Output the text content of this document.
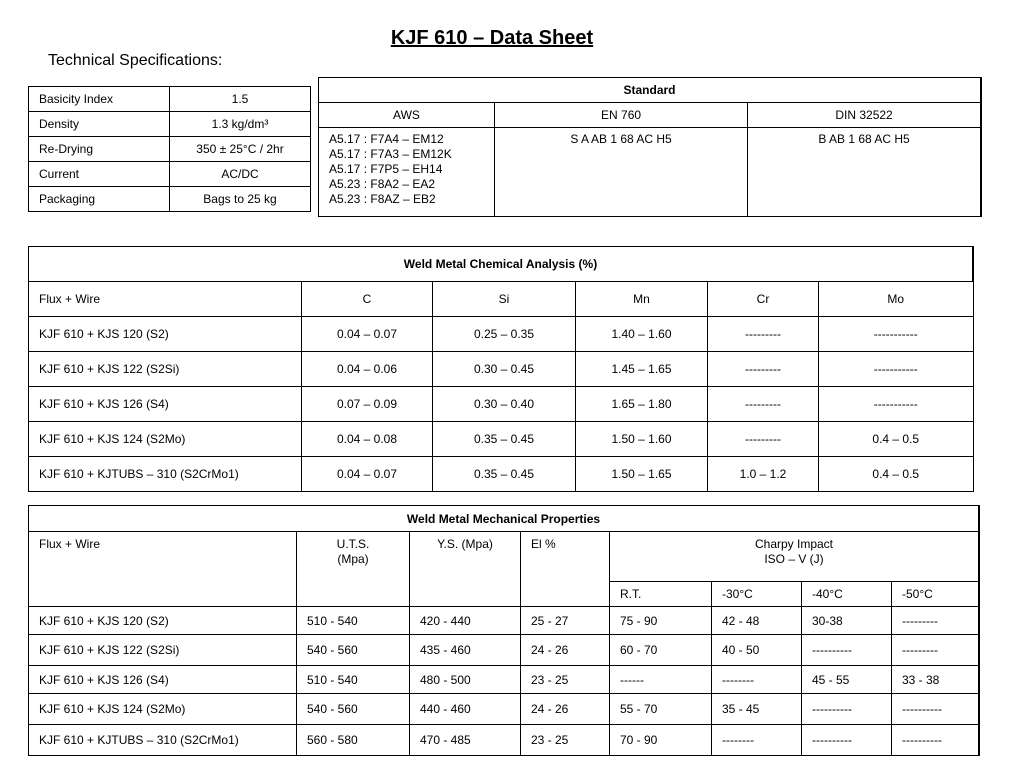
KJF 610 – Data Sheet
Technical Specifications:
Basicity Index	1.5
Density	1.3 kg/dm³
Re-Drying	350 ± 25°C / 2hr
Current	AC/DC
Packaging	Bags to 25 kg
Standard		
AWS	EN 760	DIN 32522

A5.17 : F7A4 – EM12
A5.17 : F7A3 – EM12K
A5.17 : F7P5 – EH14
A5.23 : F8A2 – EA2
A5.23 : F8AZ – EB2	S A AB 1 68 AC H5	B AB 1 68 AC H5
Weld Metal Chemical Analysis (%)					
Flux + Wire	C	Si	Mn	Cr	Mo
KJF 610 + KJS 120 (S2)	0.04 – 0.07	0.25 – 0.35	1.40 – 1.60	---------	-----------
KJF 610 + KJS 122 (S2Si)	0.04 – 0.06	0.30 – 0.45	1.45 – 1.65	---------	-----------
KJF 610 + KJS 126 (S4)	0.07 – 0.09	0.30 – 0.40	1.65 – 1.80	---------	-----------
KJF 610 + KJS 124 (S2Mo)	0.04 – 0.08	0.35 – 0.45	1.50 – 1.60	---------	0.4 – 0.5
KJF 610 + KJTUBS – 310 (S2CrMo1)	0.04 – 0.07	0.35 – 0.45	1.50 – 1.65	1.0 – 1.2	0.4 – 0.5
Weld Metal Mechanical Properties							
Flux + Wire	U.T.S.
(Mpa)	Y.S. (Mpa)	El %	Charpy Impact
ISO – V (J)			

				R.T.	-30°C	-40°C	-50°C
KJF 610 + KJS 120 (S2)	510 - 540	420 - 440	25 - 27	75 - 90	42 - 48	30-38	---------
KJF 610 + KJS 122 (S2Si)	540 - 560	435 - 460	24 - 26	60 - 70	40 - 50	----------	---------
KJF 610 + KJS 126 (S4)	510 - 540	480 - 500	23 - 25	------	--------	45 - 55	33 - 38
KJF 610 + KJS 124 (S2Mo)	540 - 560	440 - 460	24 - 26	55 - 70	35 - 45	----------	----------
KJF 610 + KJTUBS – 310 (S2CrMo1)	560 - 580	470 - 485	23 - 25	70 - 90	--------	----------	----------
